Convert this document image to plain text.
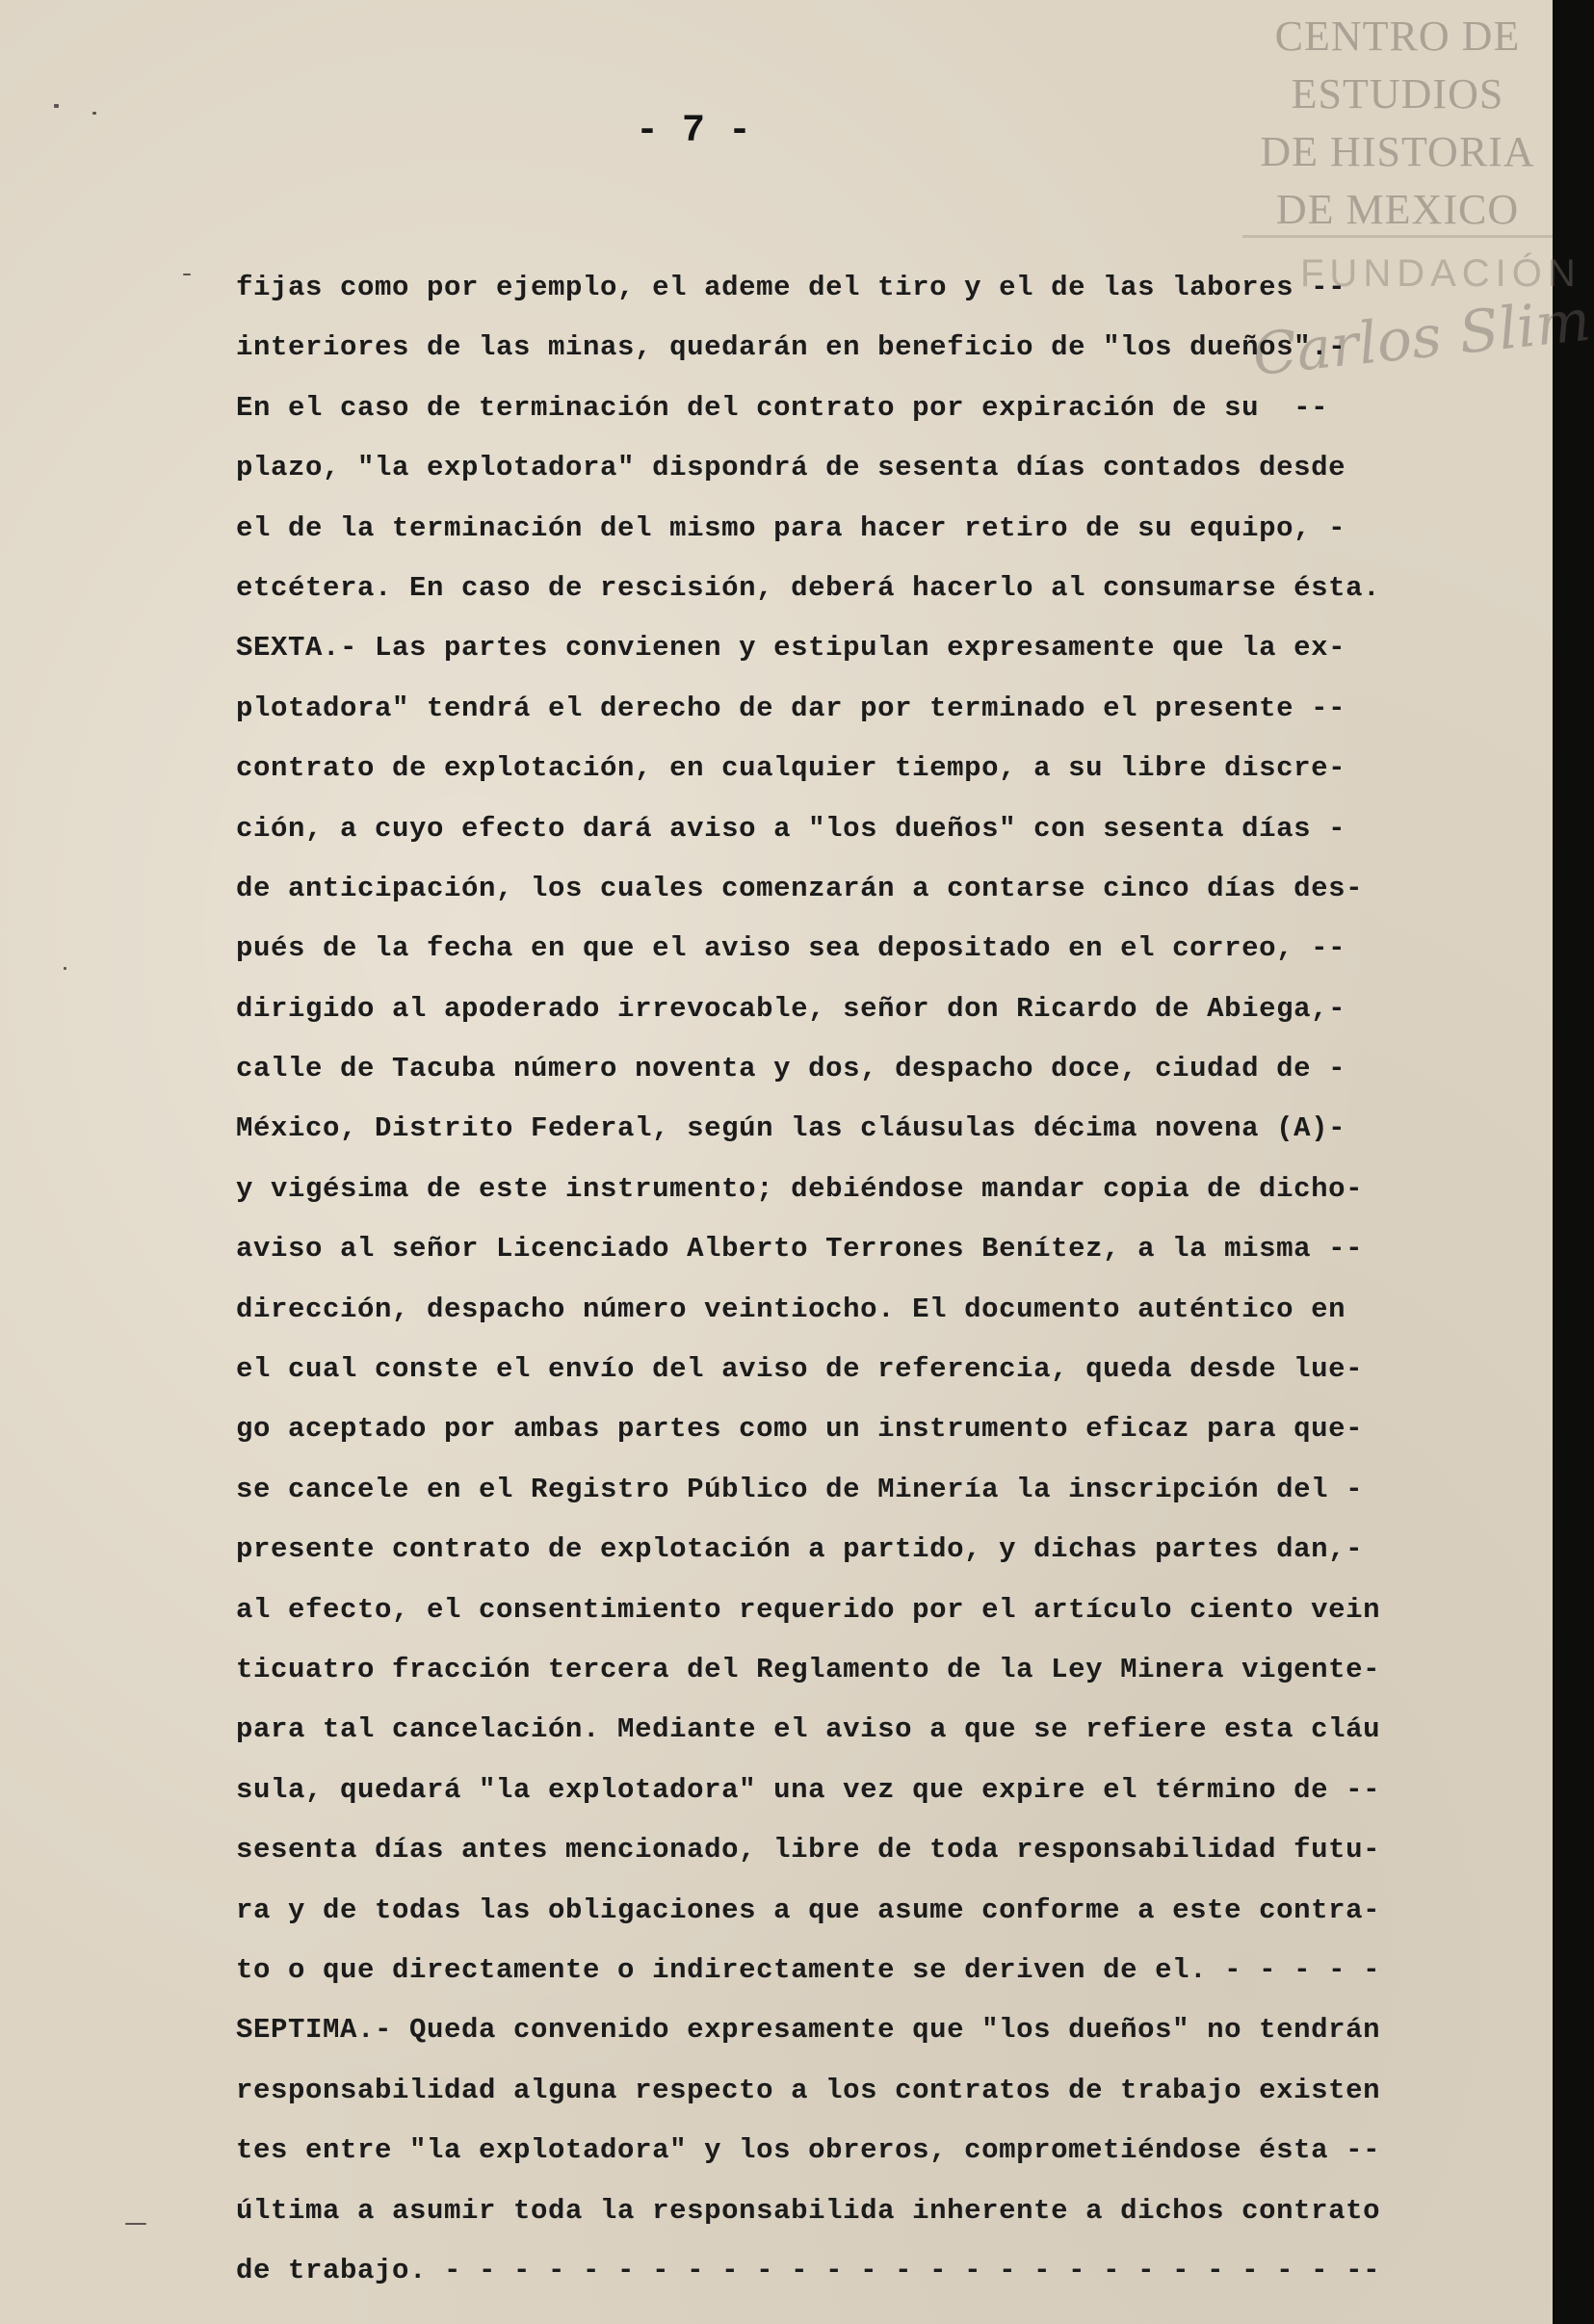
CENTRO DE
ESTUDIOS
DE HISTORIA
DE MEXICO
FUNDACIÓN
Carlos Slim
- 7 -
fijas como por ejemplo, el ademe del tiro y el de las labores --
interiores de las minas, quedarán en beneficio de "los dueños".-
En el caso de terminación del contrato por expiración de su  --
plazo, "la explotadora" dispondrá de sesenta días contados desde
el de la terminación del mismo para hacer retiro de su equipo, -
etcétera. En caso de rescisión, deberá hacerlo al consumarse ésta.
SEXTA.- Las partes convienen y estipulan expresamente que la ex-
plotadora" tendrá el derecho de dar por terminado el presente --
contrato de explotación, en cualquier tiempo, a su libre discre-
ción, a cuyo efecto dará aviso a "los dueños" con sesenta días -
de anticipación, los cuales comenzarán a contarse cinco días des-
pués de la fecha en que el aviso sea depositado en el correo, --
dirigido al apoderado irrevocable, señor don Ricardo de Abiega,-
calle de Tacuba número noventa y dos, despacho doce, ciudad de -
México, Distrito Federal, según las cláusulas décima novena (A)-
y vigésima de este instrumento; debiéndose mandar copia de dicho-
aviso al señor Licenciado Alberto Terrones Benítez, a la misma --
dirección, despacho número veintiocho. El documento auténtico en
el cual conste el envío del aviso de referencia, queda desde lue-
go aceptado por ambas partes como un instrumento eficaz para que-
se cancele en el Registro Público de Minería la inscripción del -
presente contrato de explotación a partido, y dichas partes dan,-
al efecto, el consentimiento requerido por el artículo ciento vein
ticuatro fracción tercera del Reglamento de la Ley Minera vigente-
para tal cancelación. Mediante el aviso a que se refiere esta cláu
sula, quedará "la explotadora" una vez que expire el término de --
sesenta días antes mencionado, libre de toda responsabilidad futu-
ra y de todas las obligaciones a que asume conforme a este contra-
to o que directamente o indirectamente se deriven de el. - - - - -
SEPTIMA.- Queda convenido expresamente que "los dueños" no tendrán
responsabilidad alguna respecto a los contratos de trabajo existen
tes entre "la explotadora" y los obreros, comprometiéndose ésta --
última a asumir toda la responsabilida inherente a dichos contrato
de trabajo. - - - - - - - - - - - - - - - - - - - - - - - - - - --
